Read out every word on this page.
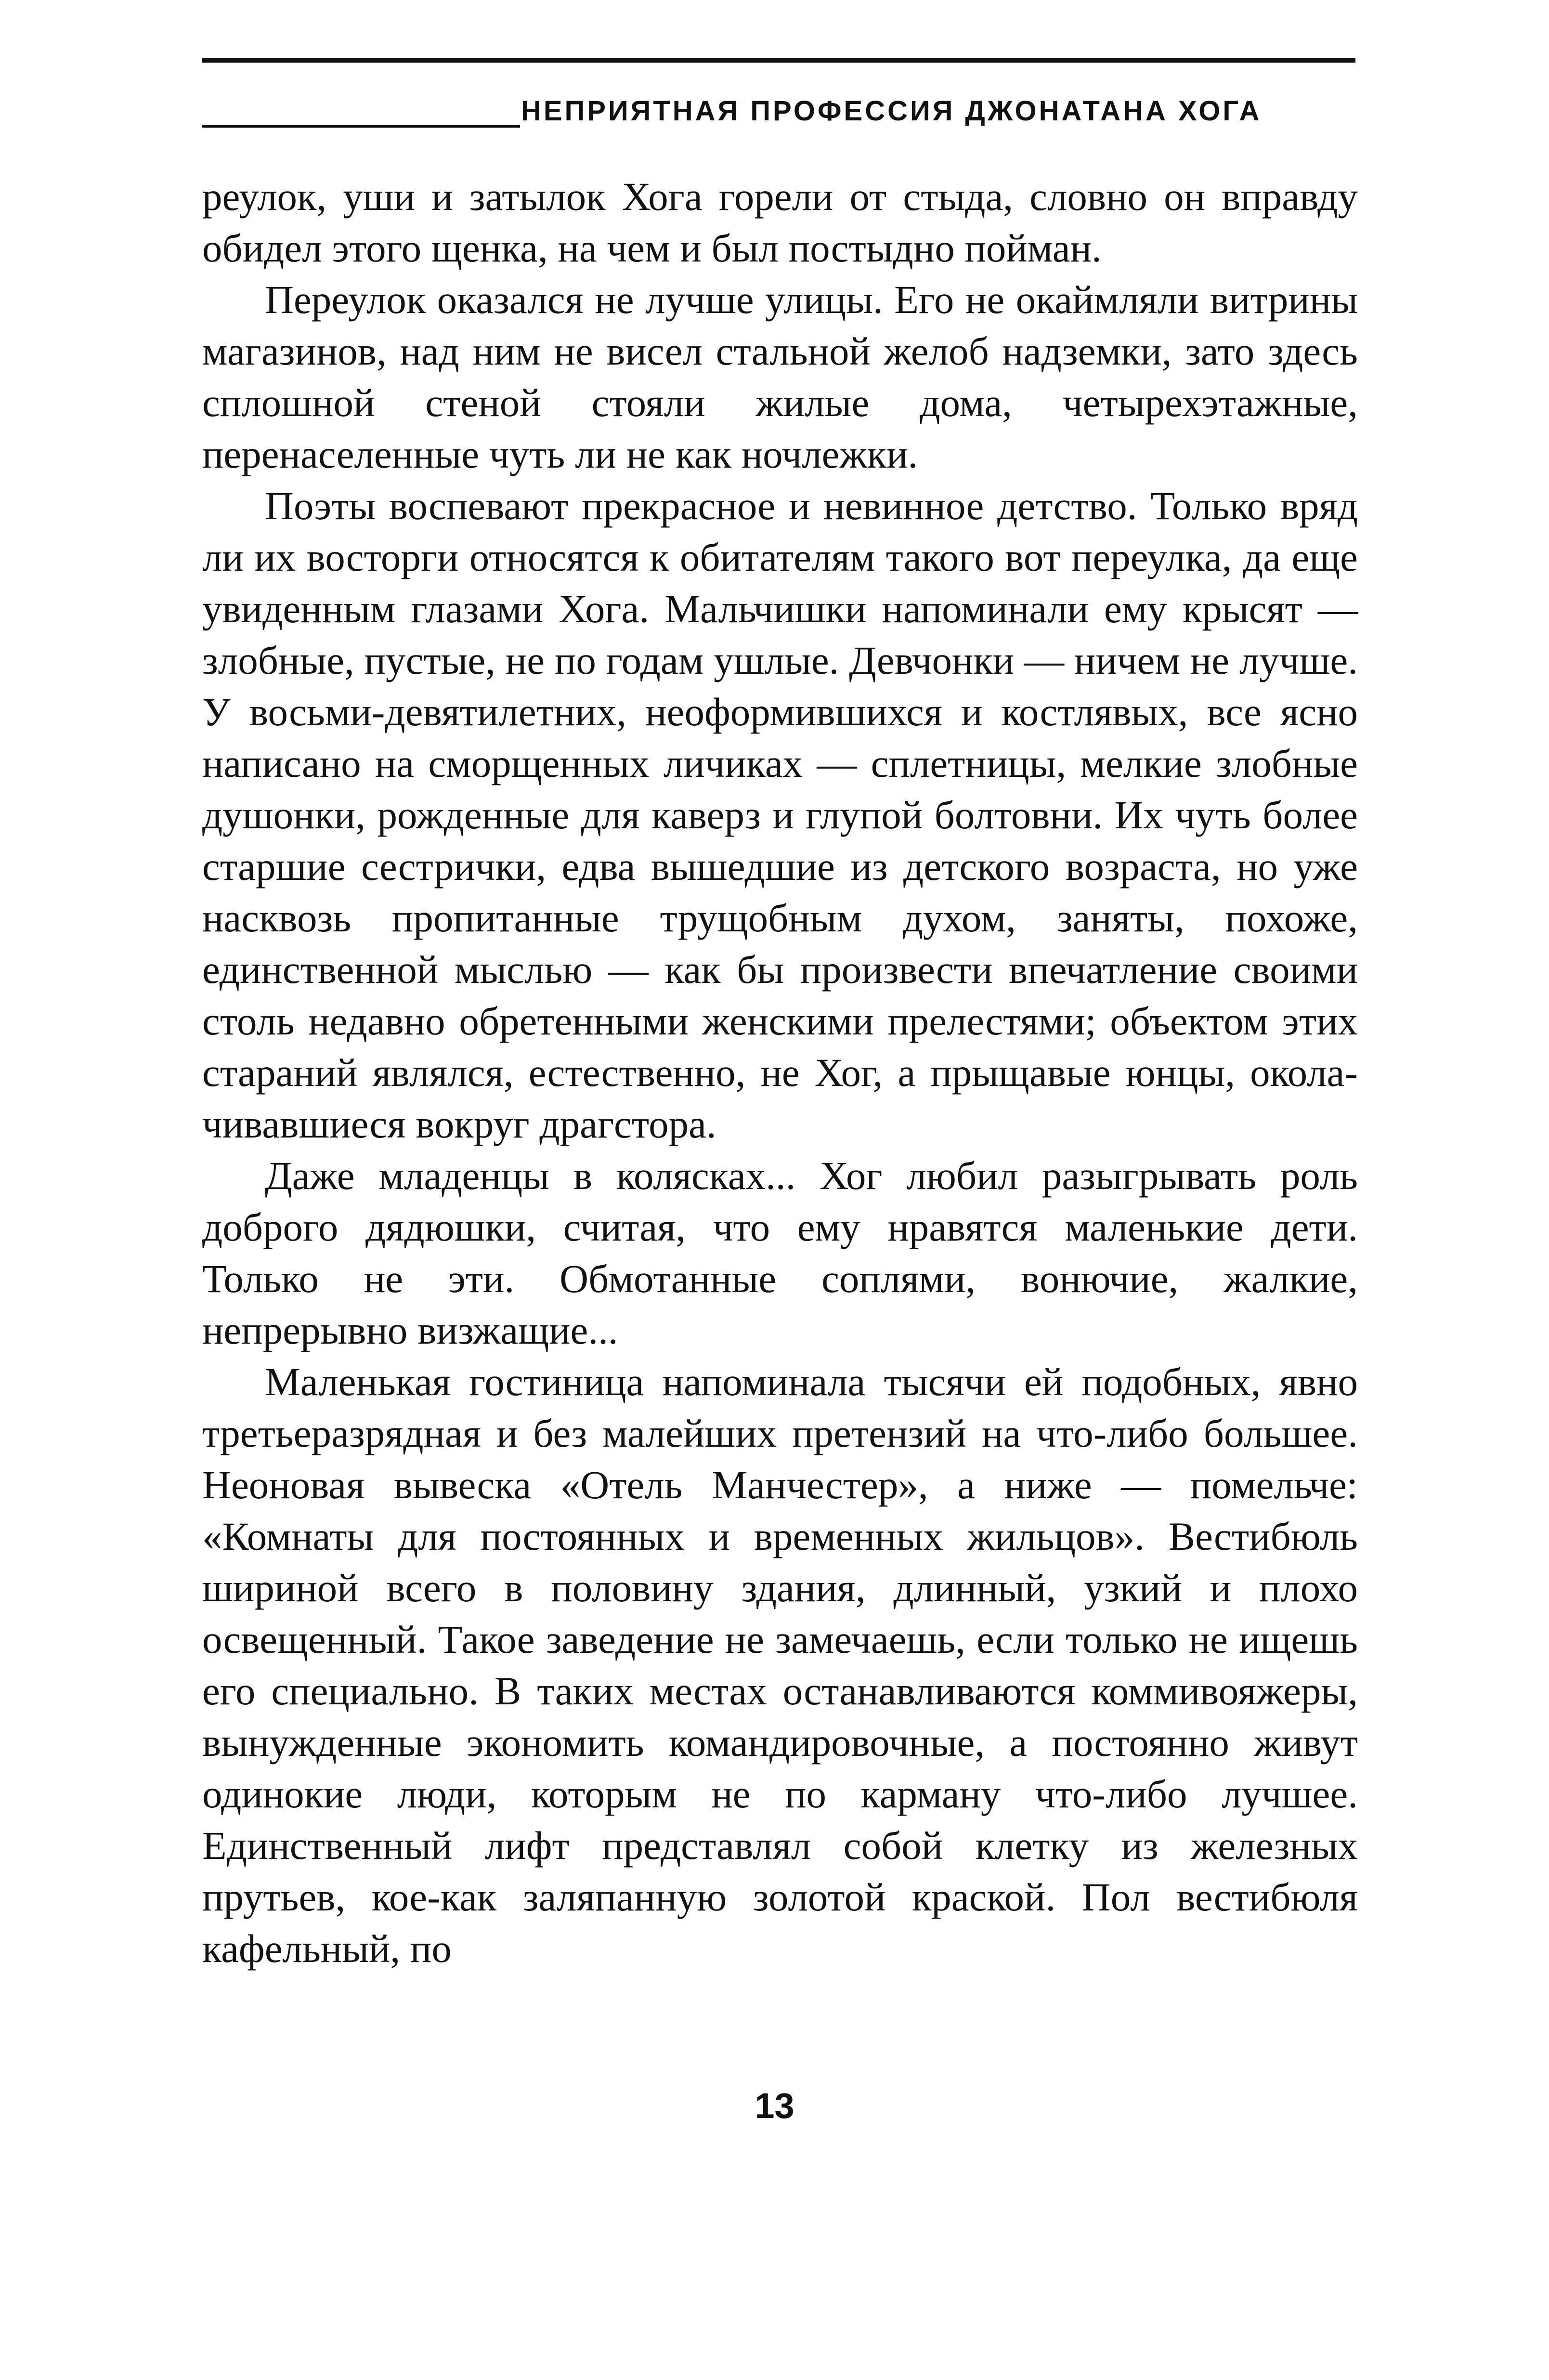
НЕПРИЯТНАЯ ПРОФЕССИЯ ДЖОНАТАНА ХОГА

реулок, уши и затылок Хога горели от стыда, словно он вправду обидел этого щенка, на чем и был постыдно пойман.

Переулок оказался не лучше улицы. Его не окаймляли витрины магазинов, над ним не висел стальной желоб надземки, зато здесь сплошной стеной стояли жилые дома, четырехэтажные, перенаселенные чуть ли не как ночлежки.

Поэты воспевают прекрасное и невинное детство. Только вряд ли их восторги относятся к обитателям такого вот переулка, да еще увиденным глазами Хога. Мальчишки напоминали ему крысят — злобные, пустые, не по годам ушлые. Девчонки — ничем не лучше. У восьми-девятилетних, неоформившихся и костлявых, все ясно написано на сморщенных личиках — сплетницы, мелкие злобные душонки, рожденные для каверз и глупой болтовни. Их чуть более старшие сестрички, едва вышедшие из детского возраста, но уже насквозь пропитанные трущобным духом, заняты, похоже, единственной мыслью — как бы произвести впечатление своими столь недавно обретенными женскими прелестями; объектом этих стараний являлся, естественно, не Хог, а прыщавые юнцы, околачивавшиеся вокруг драгстора.

Даже младенцы в колясках... Хог любил разыгрывать роль доброго дядюшки, считая, что ему нравятся маленькие дети. Только не эти. Обмотанные соплями, вонючие, жалкие, непрерывно визжащие...

Маленькая гостиница напоминала тысячи ей подобных, явно третьеразрядная и без малейших претензий на что-либо большее. Неоновая вывеска «Отель Манчестер», а ниже — помельче: «Комнаты для постоянных и временных жильцов». Вестибюль шириной всего в половину здания, длинный, узкий и плохо освещенный. Такое заведение не замечаешь, если только не ищешь его специально. В таких местах останавливаются коммивояжеры, вынужденные экономить командировочные, а постоянно живут одинокие люди, которым не по карману что-либо лучшее. Единственный лифт представлял собой клетку из железных прутьев, кое-как заляпанную золотой краской. Пол вестибюля кафельный, по

13
